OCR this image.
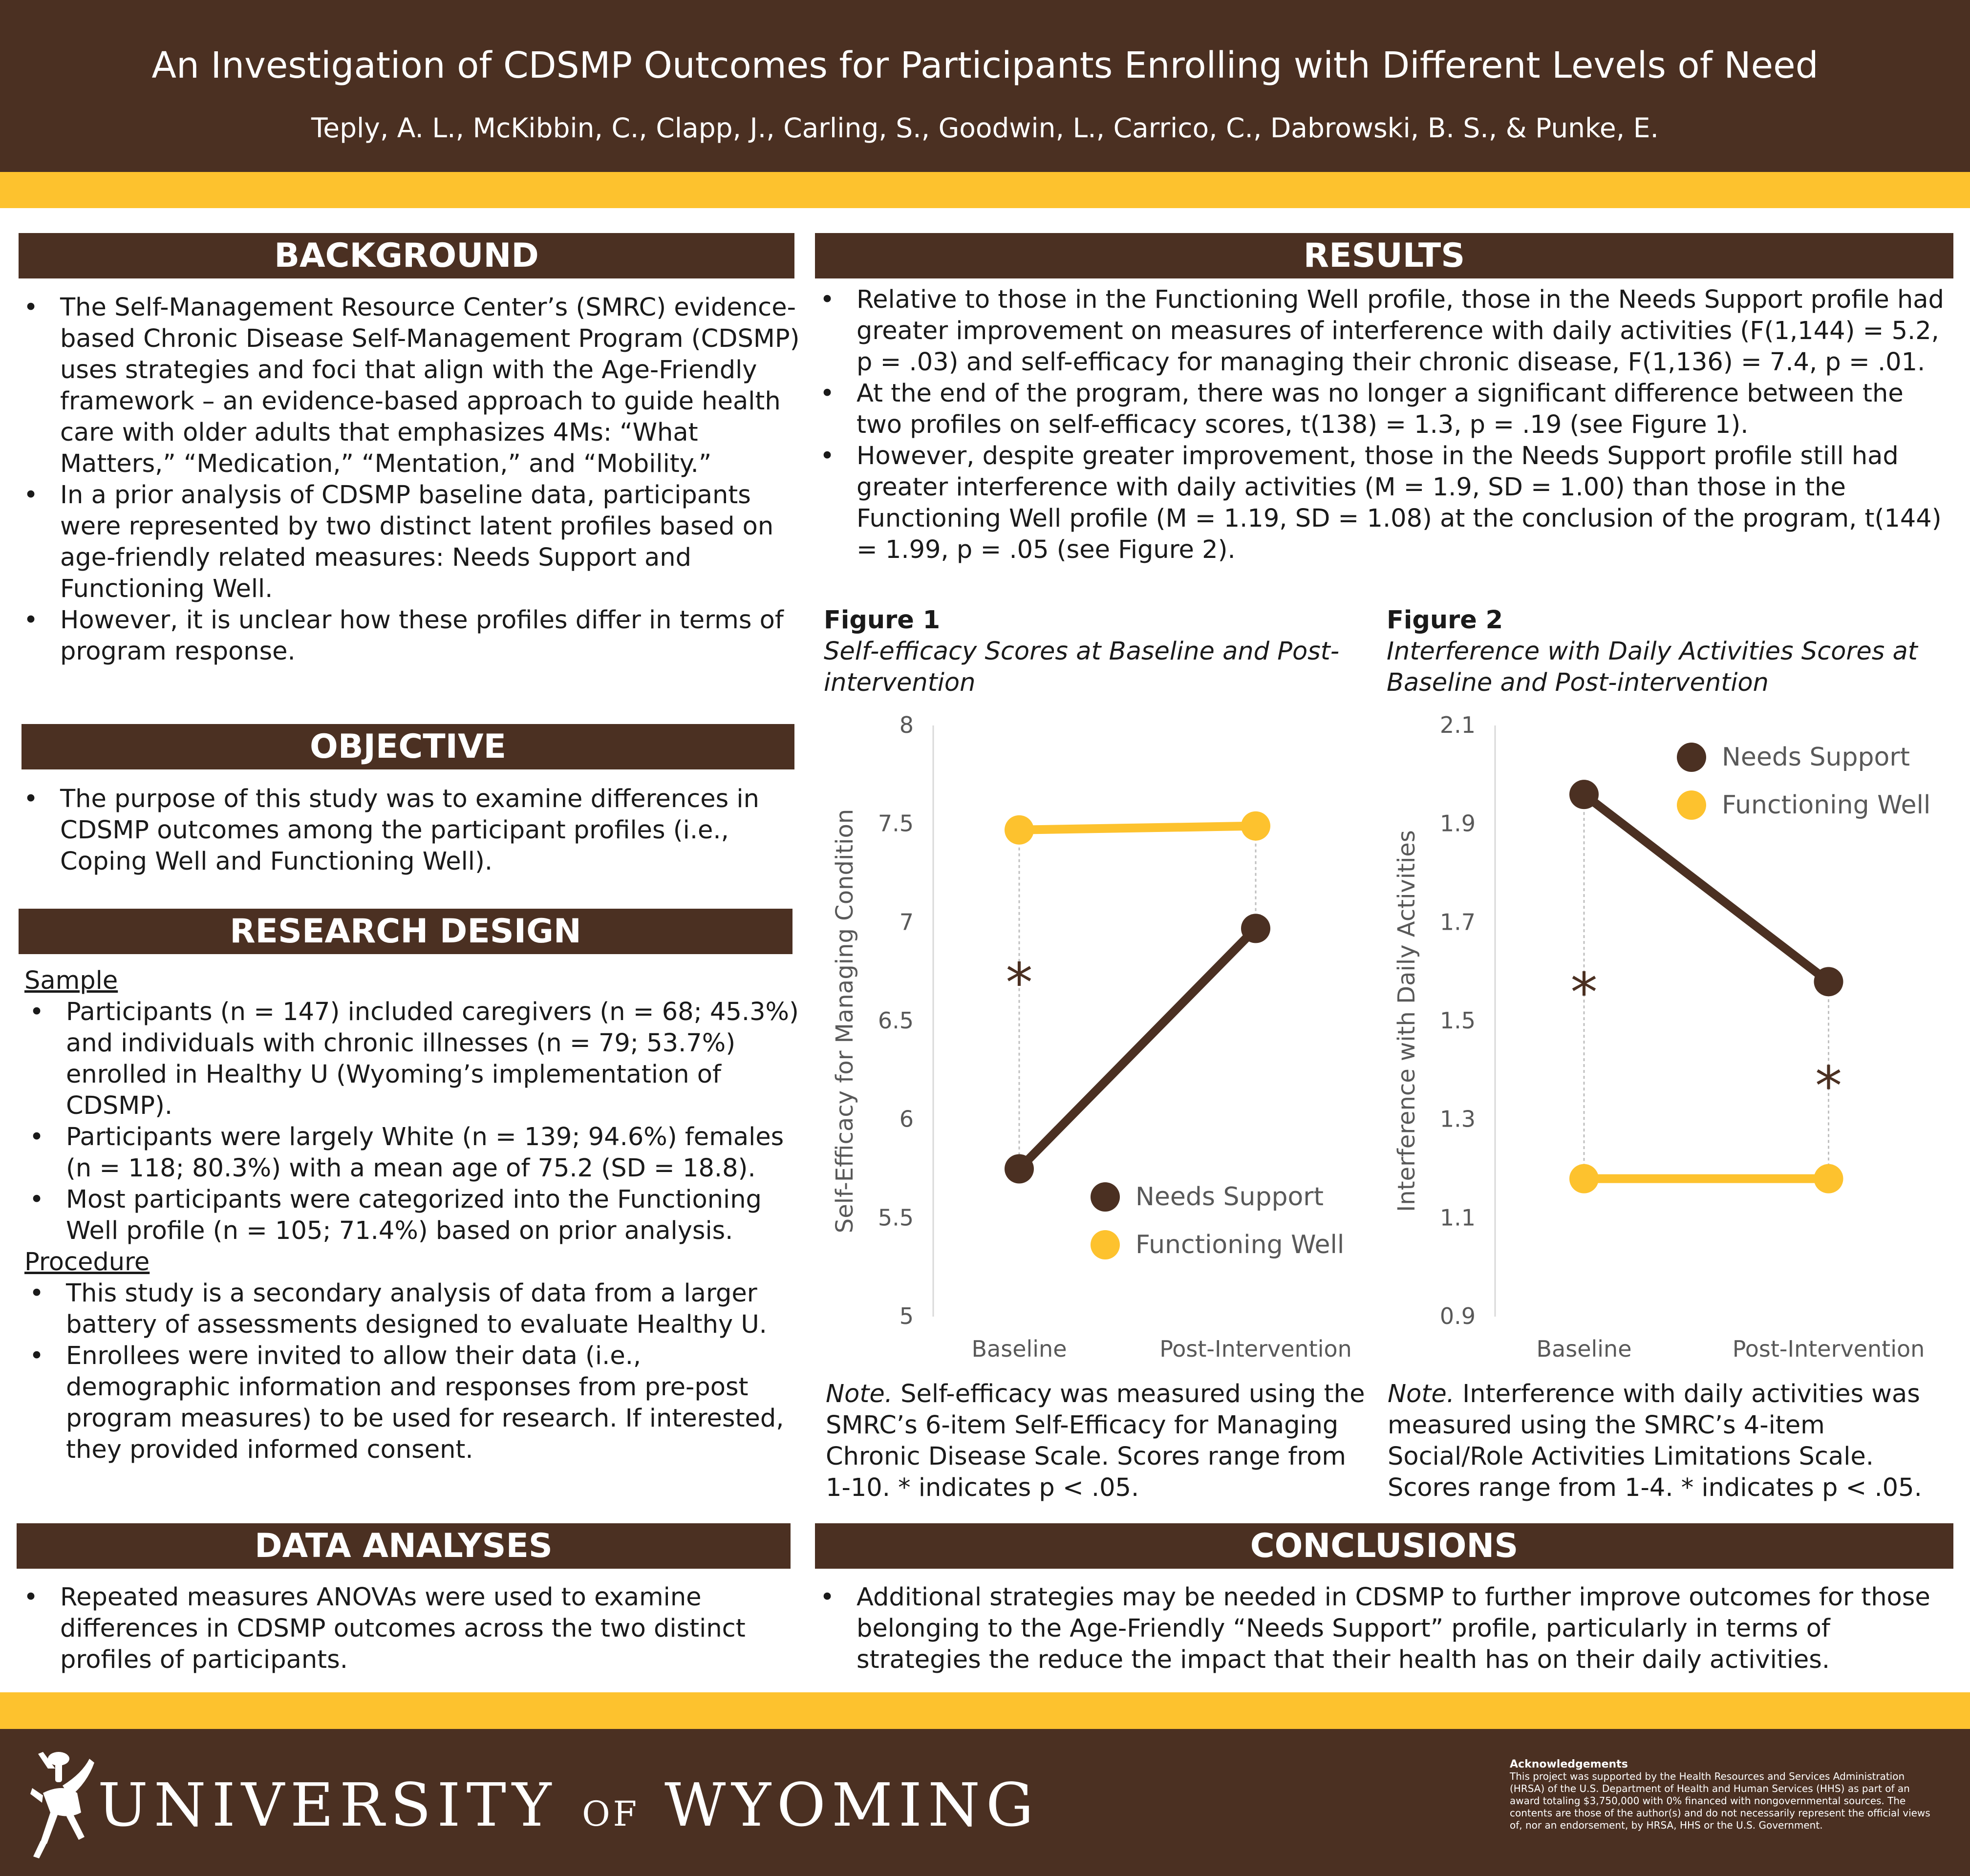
An Investigation of CDSMP Outcomes for Participants Enrolling with Different Levels of Need
Teply, A. L., McKibbin, C., Clapp, J., Carling, S., Goodwin, L., Carrico, C., Dabrowski, B. S., & Punke, E.
BACKGROUND
• The Self-Management Resource Center’s (SMRC) evidence-based Chronic Disease Self-Management Program (CDSMP) uses strategies and foci that align with the Age-Friendly framework – an evidence-based approach to guide health care with older adults that emphasizes 4Ms: “What Matters,” “Medication,” “Mentation,” and “Mobility.”
• In a prior analysis of CDSMP baseline data, participants were represented by two distinct latent profiles based on age-friendly related measures: Needs Support and Functioning Well.
• However, it is unclear how these profiles differ in terms of program response.
OBJECTIVE
• The purpose of this study was to examine differences in CDSMP outcomes among the participant profiles (i.e., Coping Well and Functioning Well).
RESEARCH DESIGN
Sample
• Participants (n = 147) included caregivers (n = 68; 45.3%) and individuals with chronic illnesses (n = 79; 53.7%) enrolled in Healthy U (Wyoming’s implementation of CDSMP).
• Participants were largely White (n = 139; 94.6%) females (n = 118; 80.3%) with a mean age of 75.2 (SD = 18.8).
• Most participants were categorized into the Functioning Well profile (n = 105; 71.4%) based on prior analysis.
Procedure
• This study is a secondary analysis of data from a larger battery of assessments designed to evaluate Healthy U.
• Enrollees were invited to allow their data (i.e., demographic information and responses from pre-post program measures) to be used for research. If interested, they provided informed consent.
DATA ANALYSES
• Repeated measures ANOVAs were used to examine differences in CDSMP outcomes across the two distinct profiles of participants.
RESULTS
• Relative to those in the Functioning Well profile, those in the Needs Support profile had greater improvement on measures of interference with daily activities (F(1,144) = 5.2, p = .03) and self-efficacy for managing their chronic disease, F(1,136) = 7.4, p = .01.
• At the end of the program, there was no longer a significant difference between the two profiles on self-efficacy scores, t(138) = 1.3, p = .19 (see Figure 1).
• However, despite greater improvement, those in the Needs Support profile still had greater interference with daily activities (M = 1.9, SD = 1.00) than those in the Functioning Well profile (M = 1.19, SD = 1.08) at the conclusion of the program, t(144) = 1.99, p = .05 (see Figure 2).
Figure 1
Self-efficacy Scores at Baseline and Post-intervention
Figure 2
Interference with Daily Activities Scores at Baseline and Post-intervention
5
5.5
6
6.5
7
7.5
8
Baseline	Post-Intervention
Self-Efficacy for Managing Condition	*
Needs Support
Functioning Well
0.9
1.1
1.3
1.5
1.7
1.9
2.1
Baseline	Post-Intervention
Interference with Daily Activities	*
*
Needs Support
Functioning Well
Note. Self-efficacy was measured using the SMRC’s 6-item Self-Efficacy for Managing Chronic Disease Scale. Scores range from 1-10. * indicates p < .05.
Note. Interference with daily activities was measured using the SMRC’s 4-item Social/Role Activities Limitations Scale. Scores range from 1-4. * indicates p < .05.
CONCLUSIONS
• Additional strategies may be needed in CDSMP to further improve outcomes for those belonging to the Age-Friendly “Needs Support” profile, particularly in terms of strategies the reduce the impact that their health has on their daily activities.
UNIVERSITY OF WYOMING
Acknowledgements
This project was supported by the Health Resources and Services Administration (HRSA) of the U.S. Department of Health and Human Services (HHS) as part of an award totaling $3,750,000 with 0% financed with nongovernmental sources. The contents are those of the author(s) and do not necessarily represent the official views of, nor an endorsement, by HRSA, HHS or the U.S. Government.
